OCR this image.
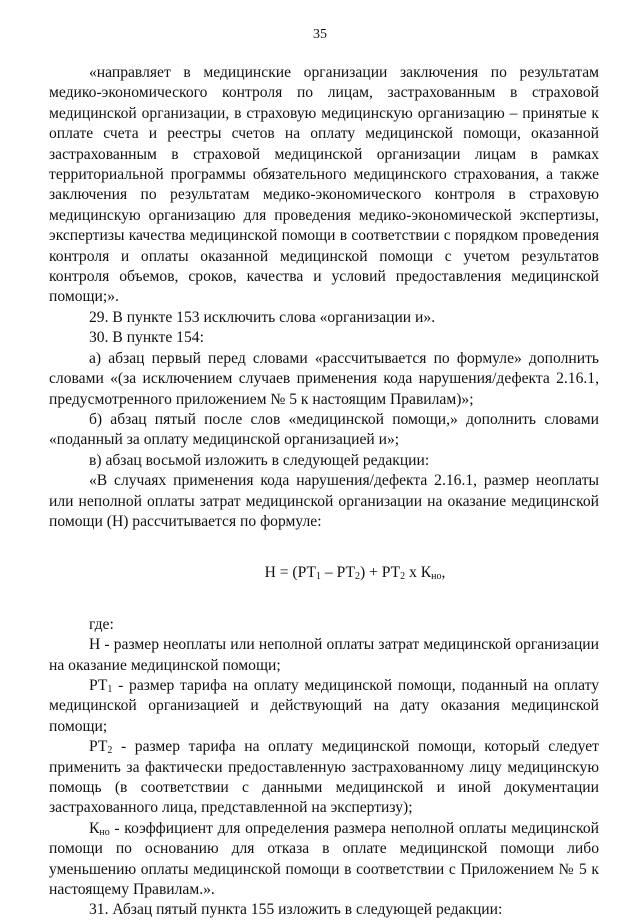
35

«направляет в медицинские организации заключения по результатам медико-экономического контроля по лицам, застрахованным в страховой медицинской организации, в страховую медицинскую организацию – принятые к оплате счета и реестры счетов на оплату медицинской помощи, оказанной застрахованным в страховой медицинской организации лицам в рамках территориальной программы обязательного медицинского страхования, а также заключения по результатам медико-экономического контроля в страховую медицинскую организацию для проведения медико-экономической экспертизы, экспертизы качества медицинской помощи в соответствии с порядком проведения контроля и оплаты оказанной медицинской помощи с учетом результатов контроля объемов, сроков, качества и условий предоставления медицинской помощи;».

29. В пункте 153 исключить слова «организации и».

30. В пункте 154:

а) абзац первый перед словами «рассчитывается по формуле» дополнить словами «(за исключением случаев применения кода нарушения/дефекта 2.16.1, предусмотренного приложением № 5 к настоящим Правилам)»;

б) абзац пятый после слов «медицинской помощи,» дополнить словами «поданный за оплату медицинской организацией и»;

в) абзац восьмой изложить в следующей редакции:

«В случаях применения кода нарушения/дефекта 2.16.1, размер неоплаты или неполной оплаты затрат медицинской организации на оказание медицинской помощи (Н) рассчитывается по формуле:

$Н = (РТ_1 - РТ_2) + РТ_2$ x $К_{но}$,

где:

Н - размер неоплаты или неполной оплаты затрат медицинской организации на оказание медицинской помощи;

$РТ_1$ - размер тарифа на оплату медицинской помощи, поданный на оплату медицинской организацией и действующий на дату оказания медицинской помощи;

$РТ_2$ - размер тарифа на оплату медицинской помощи, который следует применить за фактически предоставленную застрахованному лицу медицинскую помощь (в соответствии с данными медицинской и иной документации застрахованного лица, представленной на экспертизу);

$К_{но}$ - коэффициент для определения размера неполной оплаты медицинской помощи по основанию для отказа в оплате медицинской помощи либо уменьшению оплаты медицинской помощи в соответствии с Приложением № 5 к настоящему Правилам.».

31. Абзац пятый пункта 155 изложить в следующей редакции:
